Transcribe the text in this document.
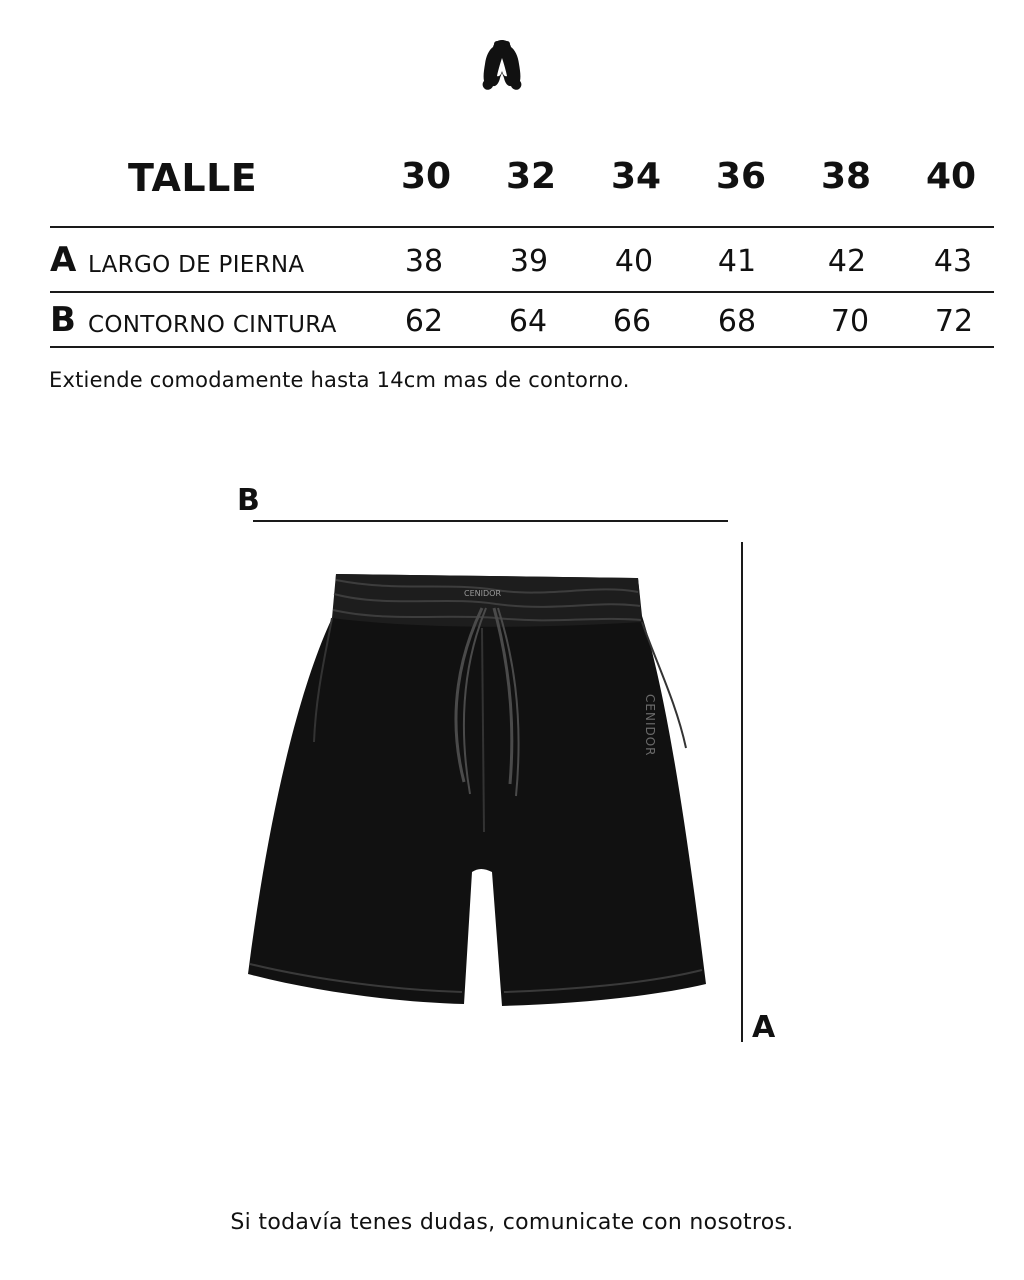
TALLE	30	32	34	36	38	40
A LARGO DE PIERNA	38	39	40	41	42	43
B CONTORNO CINTURA	62	64	66	68	70	72
Extiende comodamente hasta 14cm mas de contorno.
B
A
CENIDOR
CENIDOR
Si todavía tenes dudas, comunicate con nosotros.
